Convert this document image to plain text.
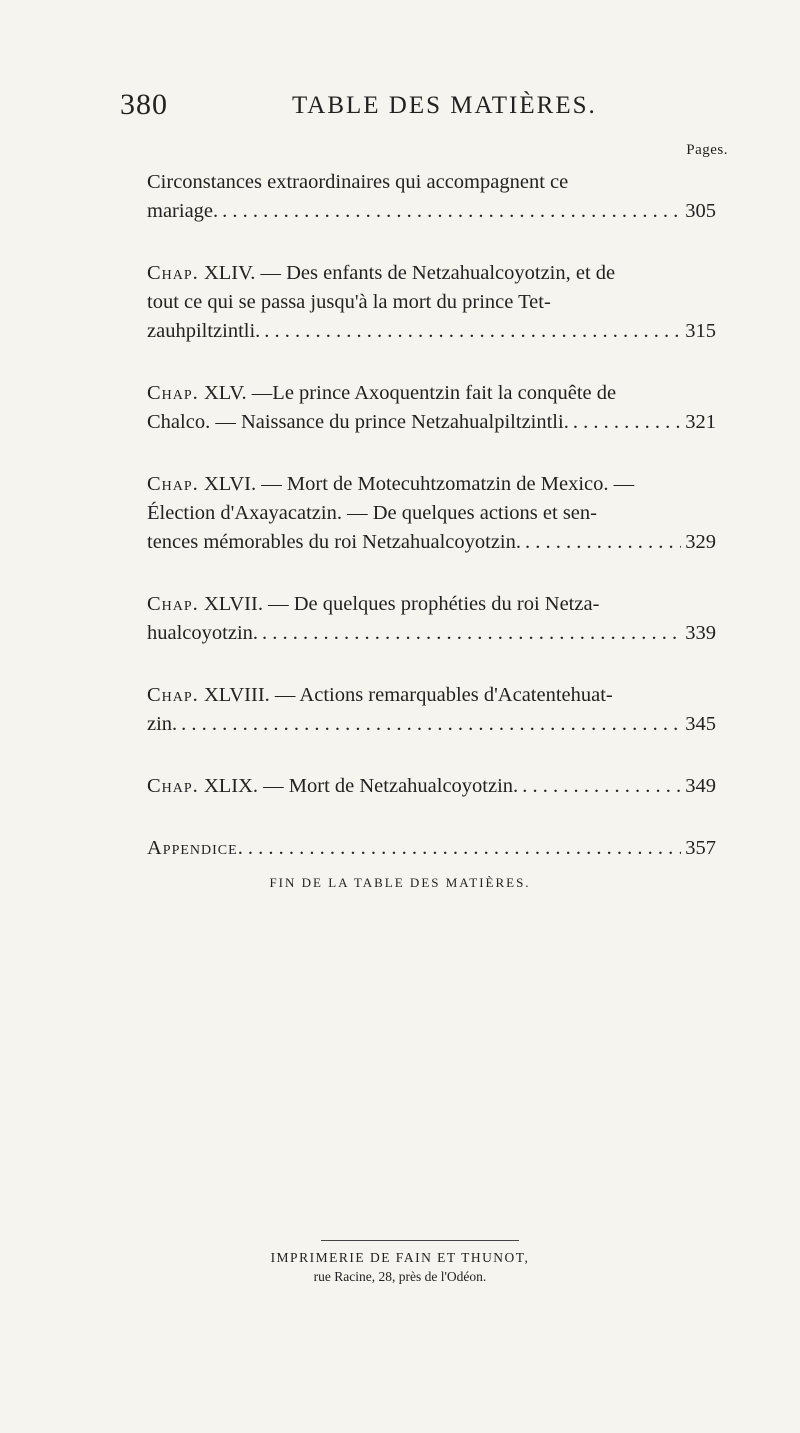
380	TABLE DES MATIÈRES.
Pages.
Circonstances extraordinaires qui accompagnent ce
mariage. . . .	305
Chap. XLIV. — Des enfants de Netzahualcoyotzin, et de
tout ce qui se passa jusqu'à la mort du prince Tet-
zauhpiltzintli. . . .	315
Chap. XLV. —Le prince Axoquentzin fait la conquête de
Chalco. — Naissance du prince Netzahualpiltzintli. . . .	321
Chap. XLVI. — Mort de Motecuhtzomatzin de Mexico. —
Élection d'Axayacatzin. — De quelques actions et sen-
tences mémorables du roi Netzahualcoyotzin. . . .	329
Chap. XLVII. — De quelques prophéties du roi Netza-
hualcoyotzin. . . .	339
Chap. XLVIII. — Actions remarquables d'Acatentehuat-
zin. . . .	345
Chap. XLIX. — Mort de Netzahualcoyotzin. . . .	349
Appendice. . . .	357
FIN DE LA TABLE DES MATIÈRES.
IMPRIMERIE DE FAIN ET THUNOT,
rue Racine, 28, près de l'Odéon.
